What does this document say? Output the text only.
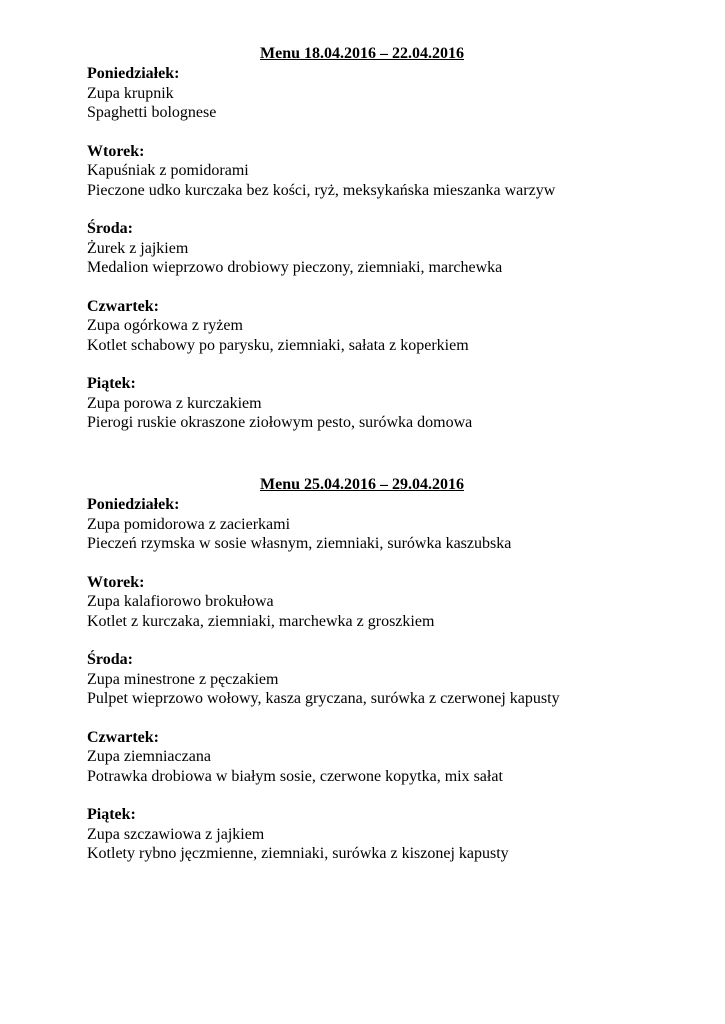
Menu 18.04.2016 – 22.04.2016
Poniedziałek:
Zupa krupnik
Spaghetti bolognese
Wtorek:
Kapuśniak z pomidorami
Pieczone udko kurczaka bez kości, ryż, meksykańska mieszanka warzyw
Środa:
Żurek z jajkiem
Medalion wieprzowo drobiowy pieczony, ziemniaki, marchewka
Czwartek:
Zupa ogórkowa z ryżem
Kotlet schabowy po parysku, ziemniaki, sałata z koperkiem
Piątek:
Zupa porowa z kurczakiem
Pierogi ruskie okraszone ziołowym pesto, surówka domowa
Menu 25.04.2016 – 29.04.2016
Poniedziałek:
Zupa pomidorowa z zacierkami
Pieczeń rzymska w sosie własnym, ziemniaki, surówka kaszubska
Wtorek:
Zupa kalafiorowo brokułowa
Kotlet z kurczaka, ziemniaki, marchewka z groszkiem
Środa:
Zupa minestrone z pęczakiem
Pulpet wieprzowo wołowy, kasza gryczana, surówka z czerwonej kapusty
Czwartek:
Zupa ziemniaczana
Potrawka drobiowa w białym sosie, czerwone kopytka, mix sałat
Piątek:
Zupa szczawiowa z jajkiem
Kotlety rybno jęczmienne, ziemniaki, surówka z kiszonej kapusty
